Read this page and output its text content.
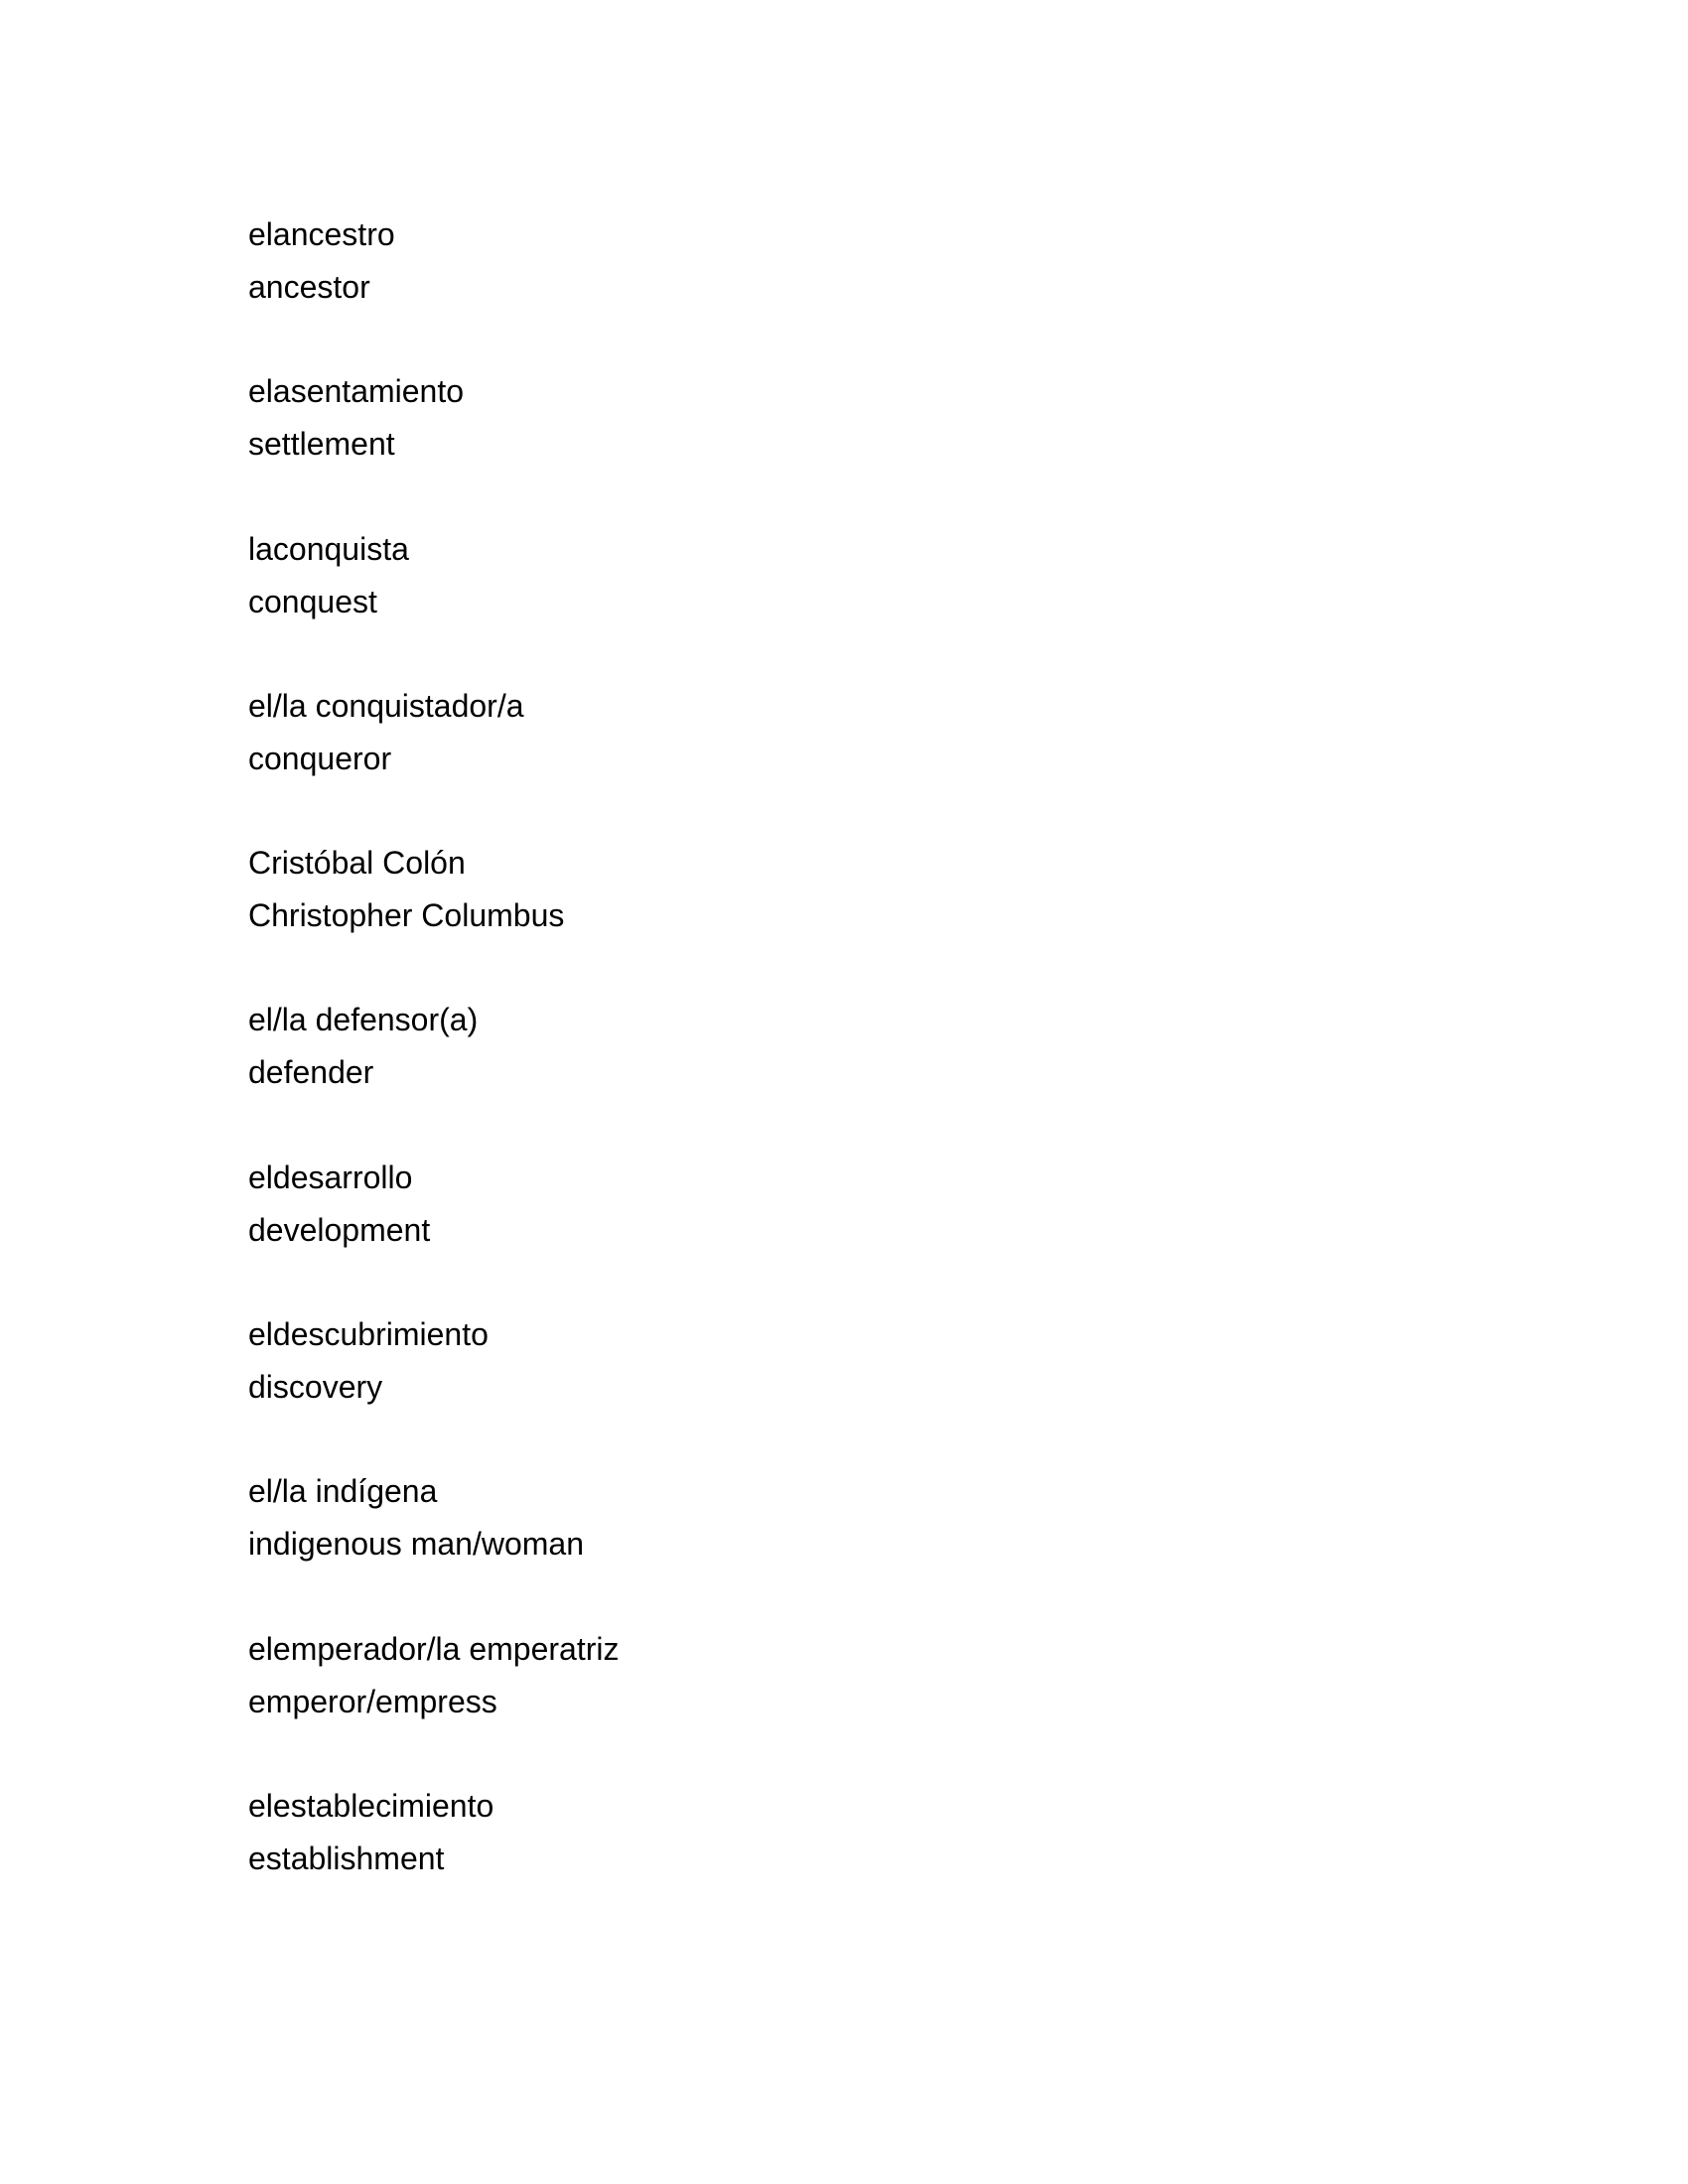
elancestro
ancestor
elasentamiento
settlement
laconquista
conquest
el/la conquistador/a
conqueror
Cristóbal Colón
Christopher Columbus
el/la defensor(a)
defender
eldesarrollo
development
eldescubrimiento
discovery
el/la indígena
indigenous man/woman
elemperador/la emperatriz
emperor/empress
elestablecimiento
establishment
